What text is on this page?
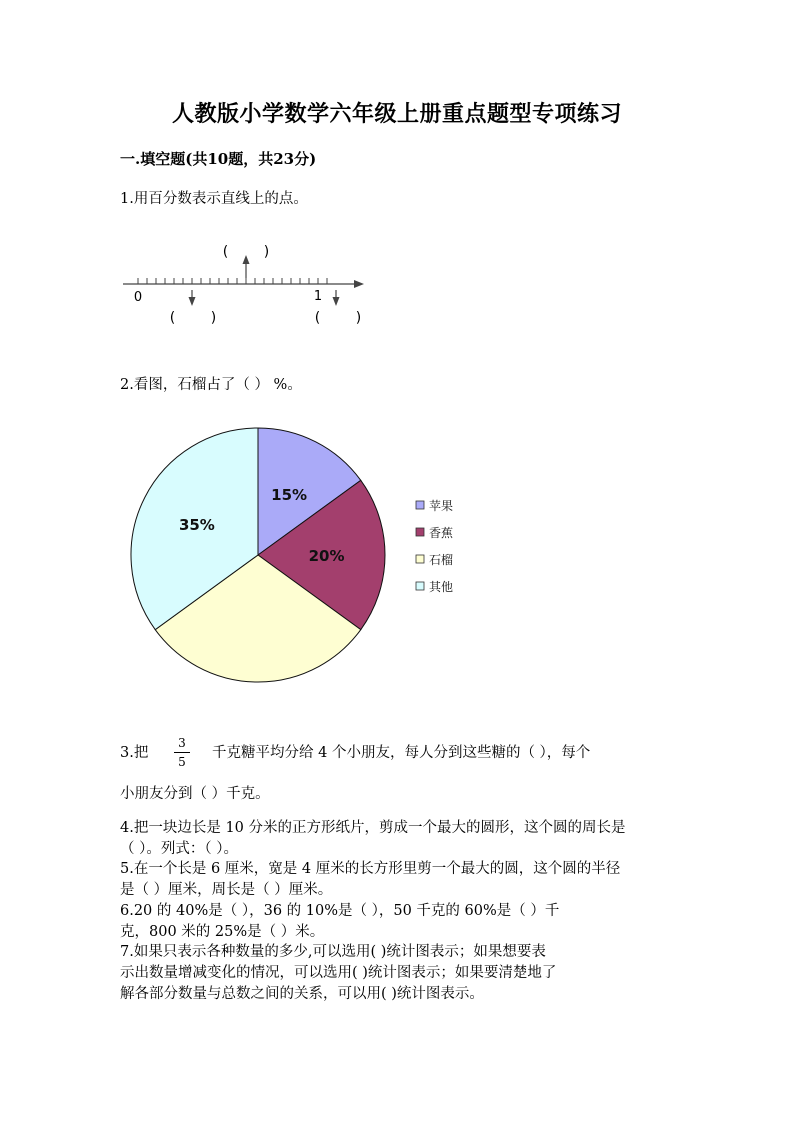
人教版小学数学六年级上册重点题型专项练习
一.填空题(共10题，共23分)
1.用百分数表示直线上的点。
0	1
(        )
(        )	(        )
2.看图，石榴占了（ ） %。
15%
20%
35%
苹果
香蕉
石榴
其他
3.把
3
5
千克糖平均分给 4 个小朋友，每人分到这些糖的（ ），每个
小朋友分到（ ）千克。
4.把一块边长是 10 分米的正方形纸片，剪成一个最大的圆形，这个圆的周长是
（ ）。列式：（ ）。
5.在一个长是 6 厘米，宽是 4 厘米的长方形里剪一个最大的圆，这个圆的半径
是（ ）厘米，周长是（ ）厘米。
6.20 的 40%是（ ），36 的 10%是（ ），50 千克的 60%是（ ）千
克，800 米的 25%是（ ）米。
7.如果只表示各种数量的多少,可以选用( )统计图表示；如果想要表
示出数量增减变化的情况，可以选用( )统计图表示；如果要清楚地了
解各部分数量与总数之间的关系，可以用( )统计图表示。
